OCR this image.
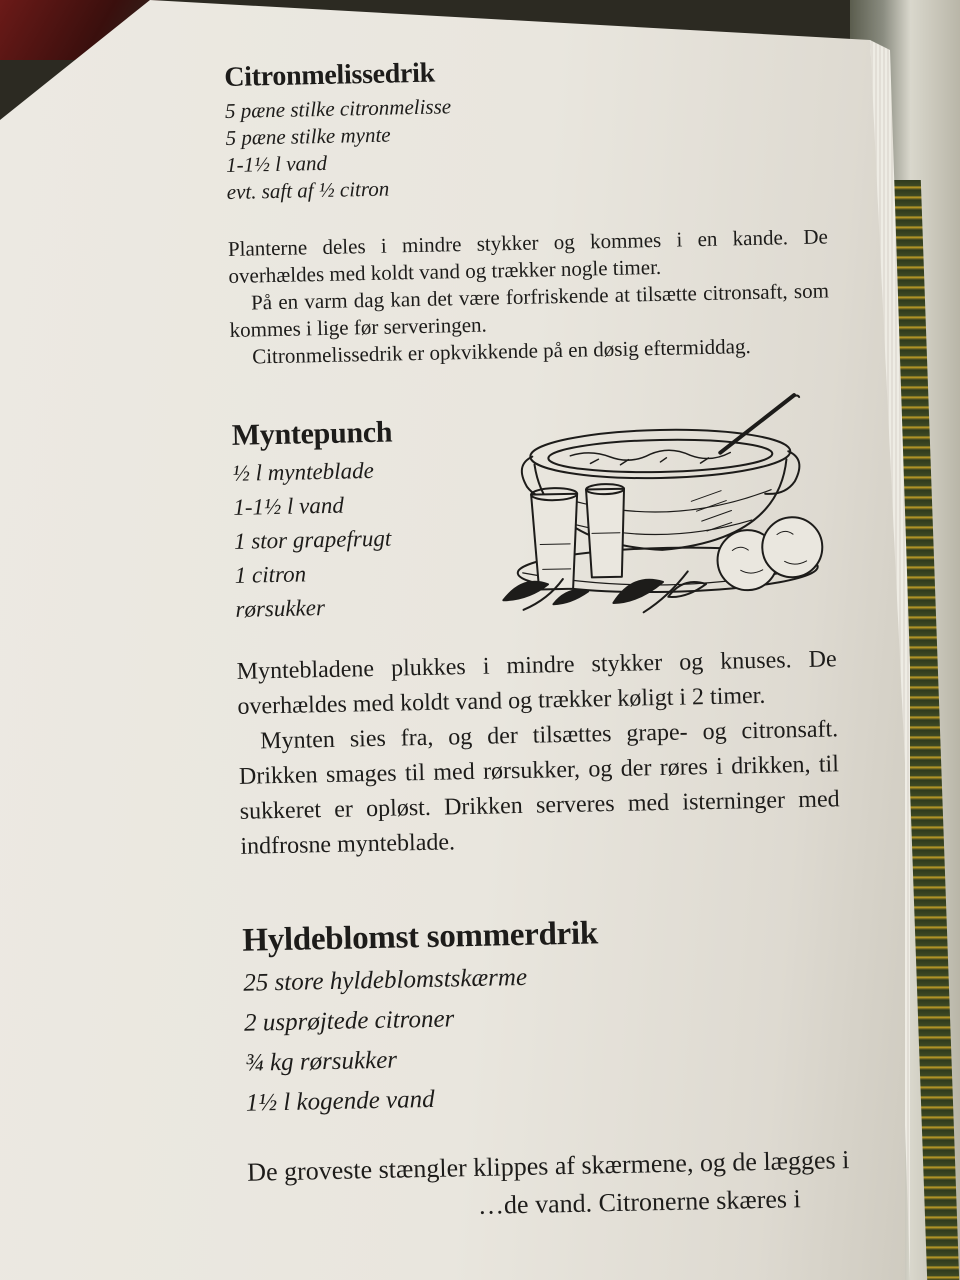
Citronmelissedrik
5 pæne stilke citronmelisse
5 pæne stilke mynte
1-1½ l vand
evt. saft af ½ citron

Planterne deles i mindre stykker og kommes i en kande. De overhældes med koldt vand og trækker nogle timer.

På en varm dag kan det være forfriskende at tilsætte citronsaft, som kommes i lige før serveringen.

Citronmelissedrik er opkvikkende på en døsig eftermiddag.

Myntepunch
½ l mynteblade
1-1½ l vand
1 stor grapefrugt
1 citron
rørsukker

Myntebladene plukkes i mindre stykker og knuses. De overhældes med koldt vand og trækker køligt i 2 timer.

Mynten sies fra, og der tilsættes grape- og citronsaft. Drikken smages til med rørsukker, og der røres i drikken, til sukkeret er opløst. Drikken serveres med isterninger med indfrosne mynteblade.

Hyldeblomst sommerdrik
25 store hyldeblomstskærme
2 usprøjtede citroner
¾ kg rørsukker
1½ l kogende vand

De groveste stængler klippes af skærmene, og de lægges i

…de vand. Citronerne skæres i
